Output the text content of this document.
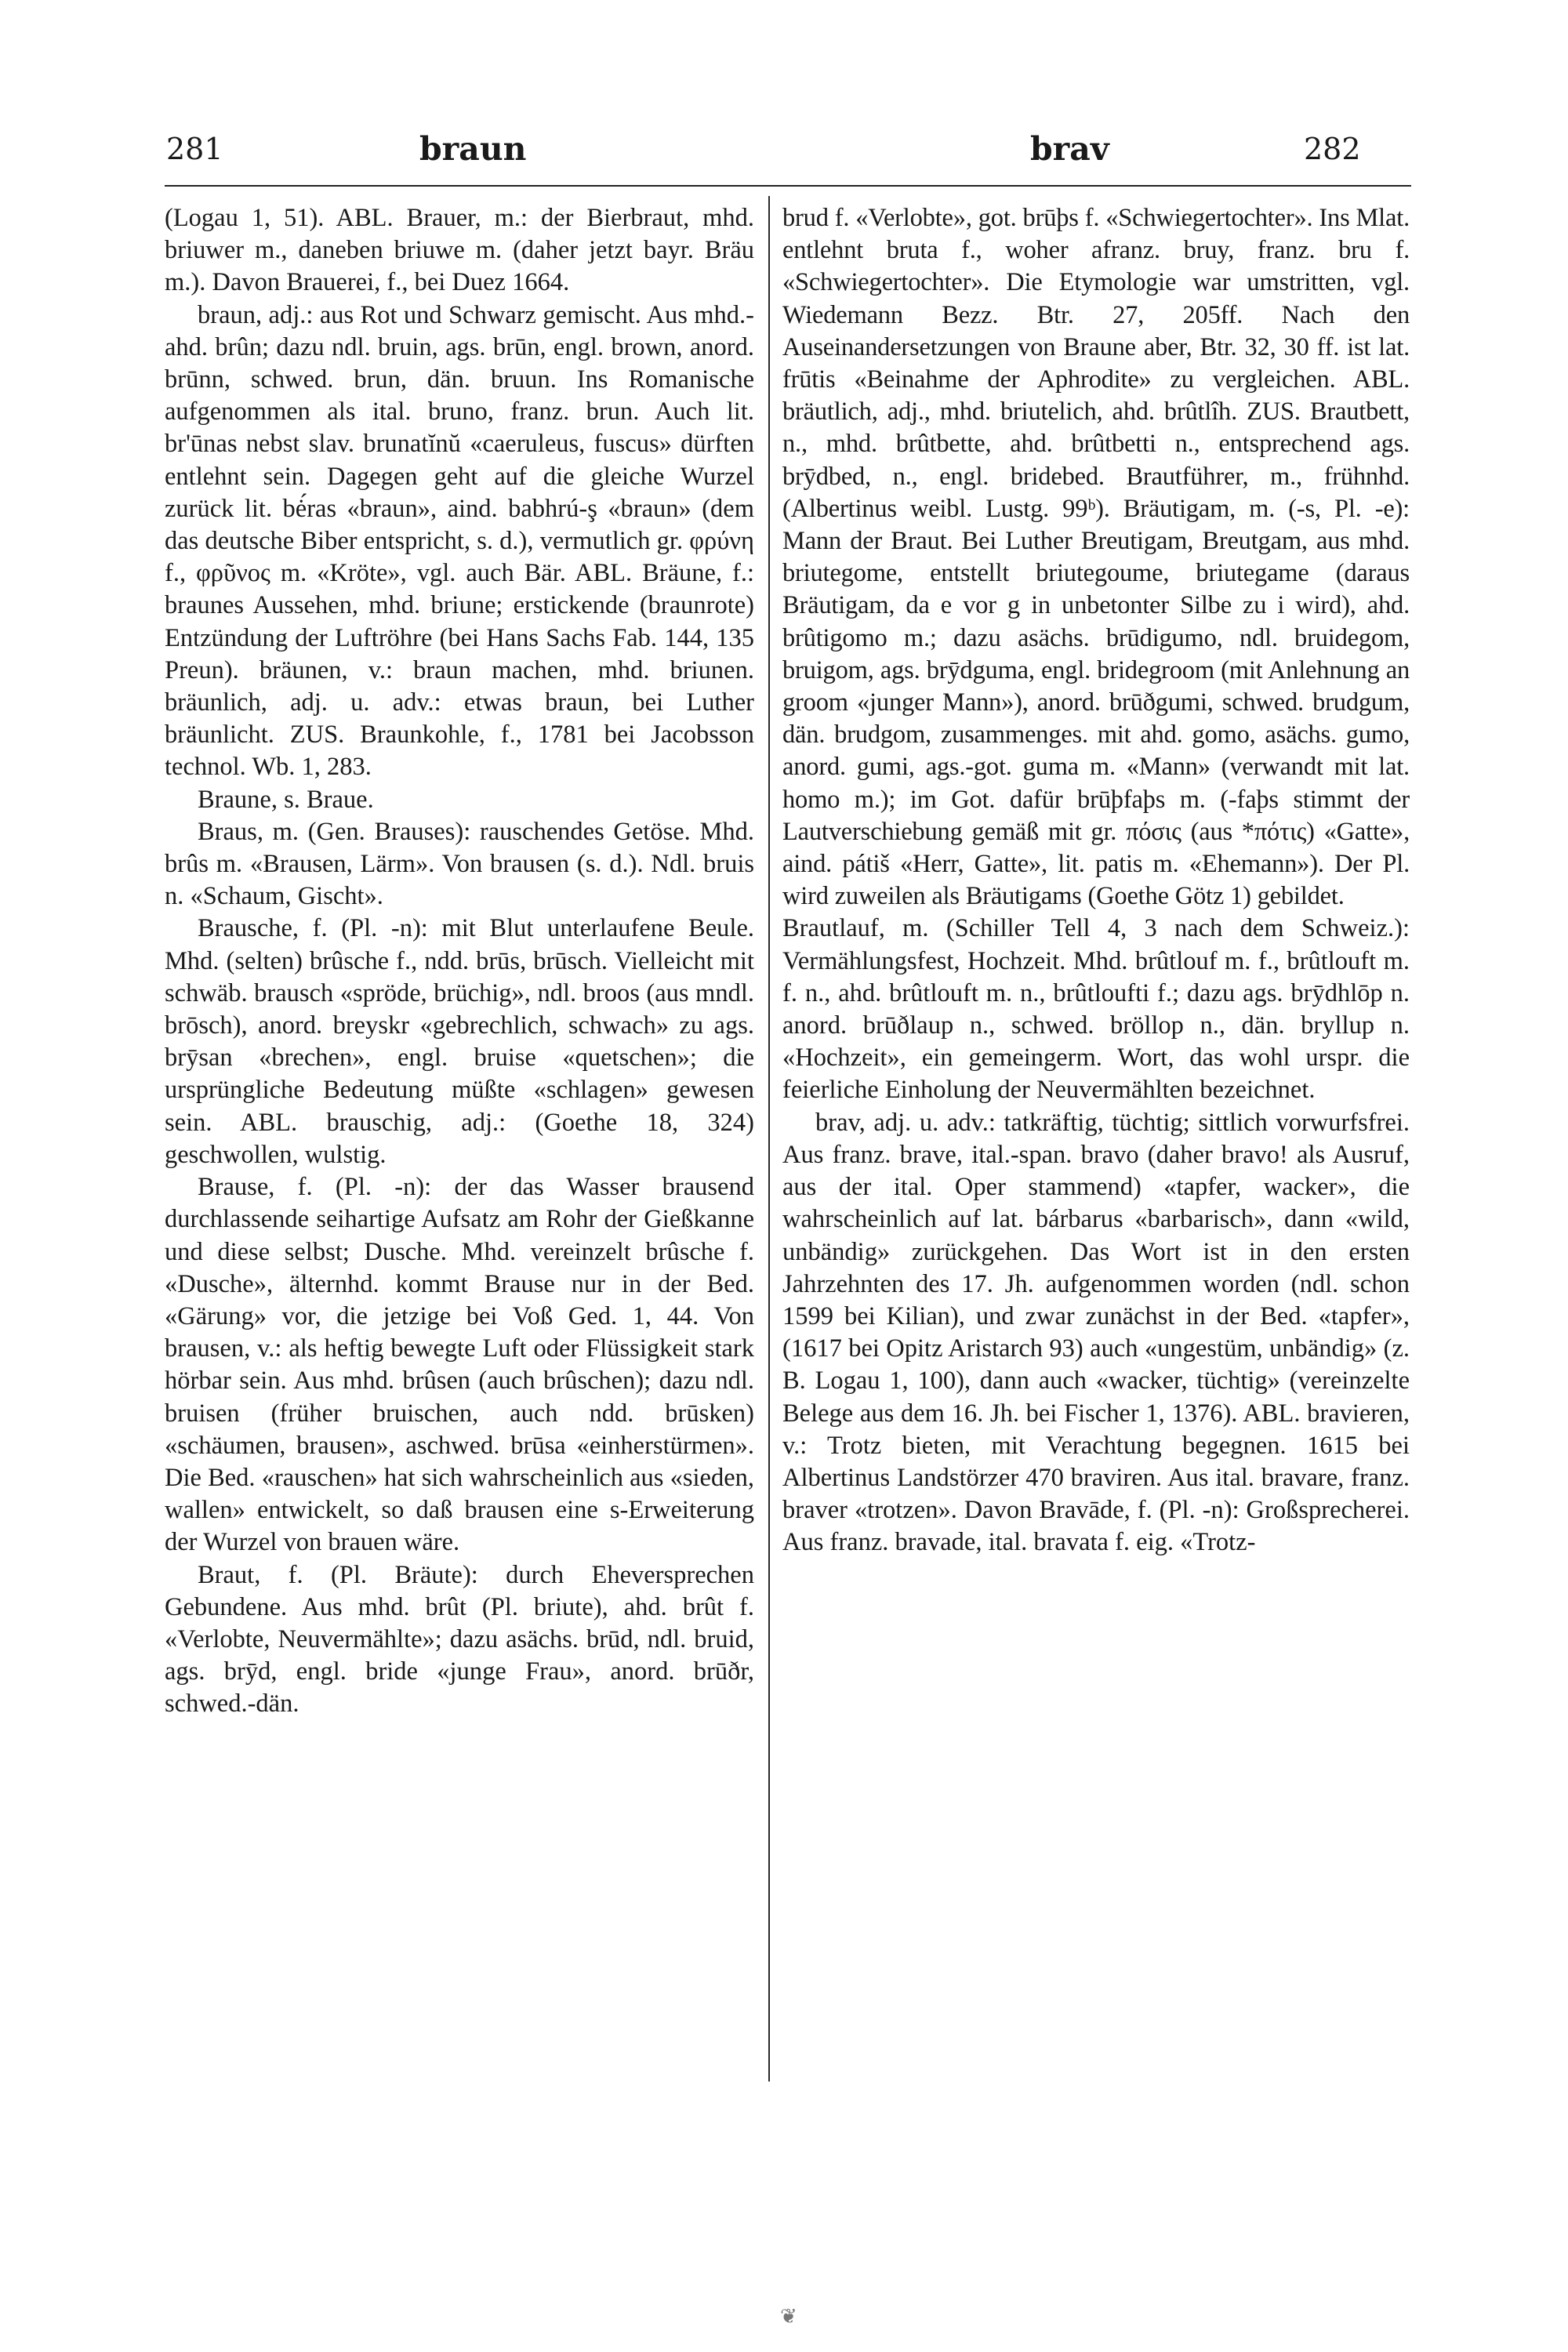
281	braun	brav	282

(Logau 1, 51). ABL. Brauer, m.: der Bierbraut, mhd. briuwer m., daneben briuwe m. (daher jetzt bayr. Bräu m.). Davon Brauerei, f., bei Duez 1664.

braun, adj.: aus Rot und Schwarz gemischt. Aus mhd.-ahd. brûn; dazu ndl. bruin, ags. brūn, engl. brown, anord. brūnn, schwed. brun, dän. bruun. Ins Romanische aufgenommen als ital. bruno, franz. brun. Auch lit. br'ūnas nebst slav. brunatĭnŭ «caeruleus, fuscus» dürften entlehnt sein. Dagegen geht auf die gleiche Wurzel zurück lit. bė́ras «braun», aind. babhrú-ş «braun» (dem das deutsche Biber entspricht, s. d.), vermutlich gr. φρύνη f., φρῦνος m. «Kröte», vgl. auch Bär. ABL. Bräune, f.: braunes Aussehen, mhd. briune; erstickende (braunrote) Entzündung der Luftröhre (bei Hans Sachs Fab. 144, 135 Preun). bräunen, v.: braun machen, mhd. briunen. bräunlich, adj. u. adv.: etwas braun, bei Luther bräunlicht. ZUS. Braunkohle, f., 1781 bei Jacobsson technol. Wb. 1, 283.

Braune, s. Braue.

Braus, m. (Gen. Brauses): rauschendes Getöse. Mhd. brûs m. «Brausen, Lärm». Von brausen (s. d.). Ndl. bruis n. «Schaum, Gischt».

Brausche, f. (Pl. -n): mit Blut unterlaufene Beule. Mhd. (selten) brûsche f., ndd. brūs, brūsch. Vielleicht mit schwäb. brausch «spröde, brüchig», ndl. broos (aus mndl. brōsch), anord. breyskr «gebrechlich, schwach» zu ags. brȳsan «brechen», engl. bruise «quetschen»; die ursprüngliche Bedeutung müßte «schlagen» gewesen sein. ABL. brauschig, adj.: (Goethe 18, 324) geschwollen, wulstig.

Brause, f. (Pl. -n): der das Wasser brausend durchlassende seihartige Aufsatz am Rohr der Gießkanne und diese selbst; Dusche. Mhd. vereinzelt brûsche f. «Dusche», älternhd. kommt Brause nur in der Bed. «Gärung» vor, die jetzige bei Voß Ged. 1, 44. Von brausen, v.: als heftig bewegte Luft oder Flüssigkeit stark hörbar sein. Aus mhd. brûsen (auch brûschen); dazu ndl. bruisen (früher bruischen, auch ndd. brūsken) «schäumen, brausen», aschwed. brūsa «einherstürmen». Die Bed. «rauschen» hat sich wahrscheinlich aus «sieden, wallen» entwickelt, so daß brausen eine s-Erweiterung der Wurzel von brauen wäre.

Braut, f. (Pl. Bräute): durch Eheversprechen Gebundene. Aus mhd. brût (Pl. briute), ahd. brût f. «Verlobte, Neuvermählte»; dazu asächs. brūd, ndl. bruid, ags. brȳd, engl. bride «junge Frau», anord. brūðr, schwed.-dän.

brud f. «Verlobte», got. brūþs f. «Schwiegertochter». Ins Mlat. entlehnt bruta f., woher afranz. bruy, franz. bru f. «Schwiegertochter». Die Etymologie war umstritten, vgl. Wiedemann Bezz. Btr. 27, 205ff. Nach den Auseinandersetzungen von Braune aber, Btr. 32, 30 ff. ist lat. frūtis «Beinahme der Aphrodite» zu vergleichen. ABL. bräutlich, adj., mhd. briutelich, ahd. brûtlîh. ZUS. Brautbett, n., mhd. brûtbette, ahd. brûtbetti n., entsprechend ags. brȳdbed, n., engl. bridebed. Brautführer, m., frühnhd. (Albertinus weibl. Lustg. 99ᵇ). Bräutigam, m. (-s, Pl. -e): Mann der Braut. Bei Luther Breutigam, Breutgam, aus mhd. briutegome, entstellt briutegoume, briutegame (daraus Bräutigam, da e vor g in unbetonter Silbe zu i wird), ahd. brûtigomo m.; dazu asächs. brūdigumo, ndl. bruidegom, bruigom, ags. brȳdguma, engl. bridegroom (mit Anlehnung an groom «junger Mann»), anord. brūðgumi, schwed. brudgum, dän. brudgom, zusammenges. mit ahd. gomo, asächs. gumo, anord. gumi, ags.-got. guma m. «Mann» (verwandt mit lat. homo m.); im Got. dafür brūþfaþs m. (-faþs stimmt der Lautverschiebung gemäß mit gr. πόσις (aus *πότις) «Gatte», aind. pátiš «Herr, Gatte», lit. patis m. «Ehemann»). Der Pl. wird zuweilen als Bräutigams (Goethe Götz 1) gebildet.

Brautlauf, m. (Schiller Tell 4, 3 nach dem Schweiz.): Vermählungsfest, Hochzeit. Mhd. brûtlouf m. f., brûtlouft m. f. n., ahd. brûtlouft m. n., brûtloufti f.; dazu ags. brȳdhlōp n. anord. brūðlaup n., schwed. bröllop n., dän. bryllup n. «Hochzeit», ein gemeingerm. Wort, das wohl urspr. die feierliche Einholung der Neuvermählten bezeichnet.

brav, adj. u. adv.: tatkräftig, tüchtig; sittlich vorwurfsfrei. Aus franz. brave, ital.-span. bravo (daher bravo! als Ausruf, aus der ital. Oper stammend) «tapfer, wacker», die wahrscheinlich auf lat. bárbarus «barbarisch», dann «wild, unbändig» zurückgehen. Das Wort ist in den ersten Jahrzehnten des 17. Jh. aufgenommen worden (ndl. schon 1599 bei Kilian), und zwar zunächst in der Bed. «tapfer», (1617 bei Opitz Aristarch 93) auch «ungestüm, unbändig» (z. B. Logau 1, 100), dann auch «wacker, tüchtig» (vereinzelte Belege aus dem 16. Jh. bei Fischer 1, 1376). ABL. bravieren, v.: Trotz bieten, mit Verachtung begegnen. 1615 bei Albertinus Landstörzer 470 braviren. Aus ital. bravare, franz. braver «trotzen». Davon Bravāde, f. (Pl. -n): Großsprecherei. Aus franz. bravade, ital. bravata f. eig. «Trotz-

❦
